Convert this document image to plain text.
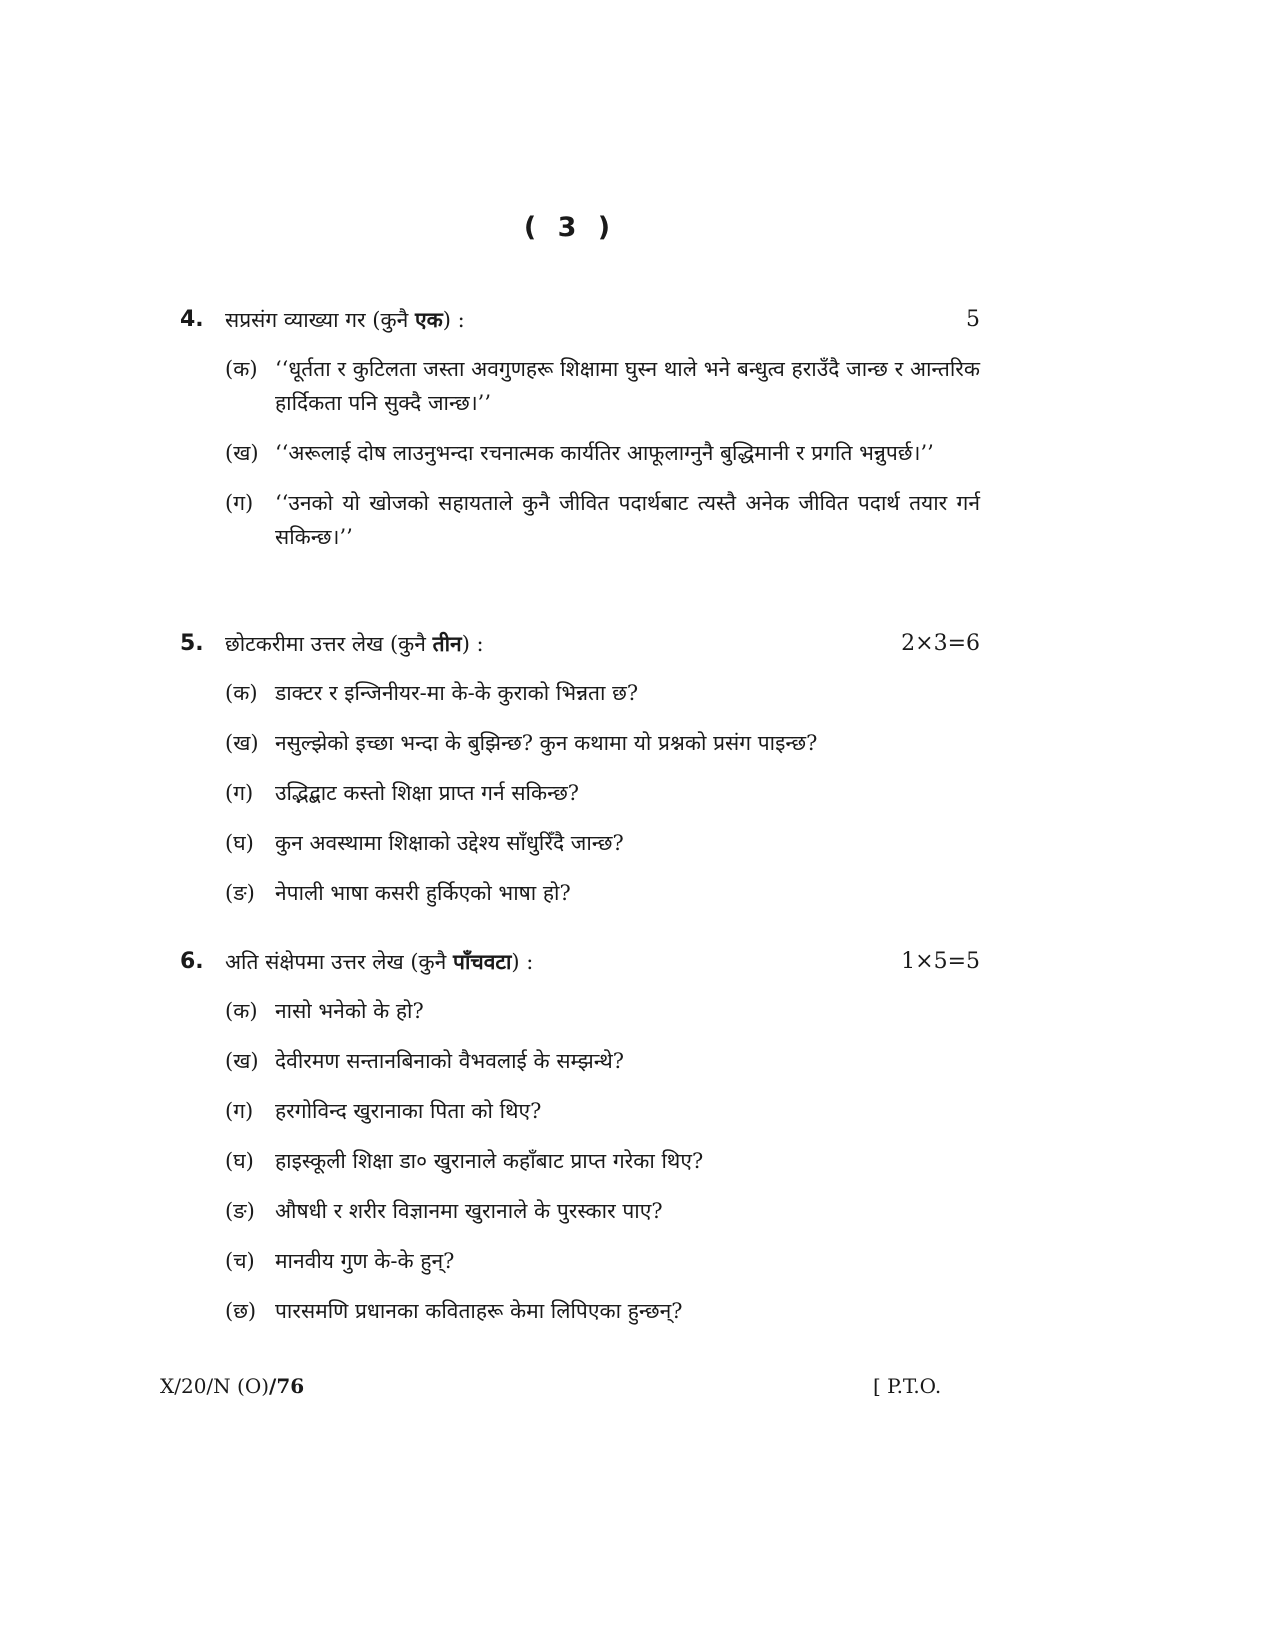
( 3 )
4. सप्रसंग व्याख्या गर (कुनै एक) :	5
(क) ‘‘धूर्तता र कुटिलता जस्ता अवगुणहरू शिक्षामा घुस्न थाले भने बन्धुत्व हराउँदै जान्छ र आन्तरिक हार्दिकता पनि सुक्दै जान्छ।’’
(ख) ‘‘अरूलाई दोष लाउनुभन्दा रचनात्मक कार्यतिर आफूलाग्नुनै बुद्धिमानी र प्रगति भन्नुपर्छ।’’
(ग)	‘‘उनको यो खोजको सहायताले कुनै जीवित पदार्थबाट त्यस्तै अनेक जीवित पदार्थ तयार गर्न सकिन्छ।’’
5. छोटकरीमा उत्तर लेख (कुनै तीन) :	2×3=6
(क) डाक्टर र इन्जिनीयर-मा के-के कुराको भिन्नता छ?
(ख) नसुल्झेको इच्छा भन्दा के बुझिन्छ? कुन कथामा यो प्रश्नको प्रसंग पाइन्छ?
(ग)	उद्भिद्बाट कस्तो शिक्षा प्राप्त गर्न सकिन्छ?
(घ)	कुन अवस्थामा शिक्षाको उद्देश्य साँधुरिँदै जान्छ?
(ङ) नेपाली भाषा कसरी हुर्किएको भाषा हो?
6. अति संक्षेपमा उत्तर लेख (कुनै पाँचवटा) :	1×5=5
(क) नासो भनेको के हो?
(ख) देवीरमण सन्तानबिनाको वैभवलाई के सम्झन्थे?
(ग)	हरगोविन्द खुरानाका पिता को थिए?
(घ)	हाइस्कूली शिक्षा डा० खुरानाले कहाँबाट प्राप्त गरेका थिए?
(ङ) औषधी र शरीर विज्ञानमा खुरानाले के पुरस्कार पाए?
(च) मानवीय गुण के-के हुन्?
(छ) पारसमणि प्रधानका कविताहरू केमा लिपिएका हुन्छन्?
X/20/N (O)/76	[ P.T.O.
